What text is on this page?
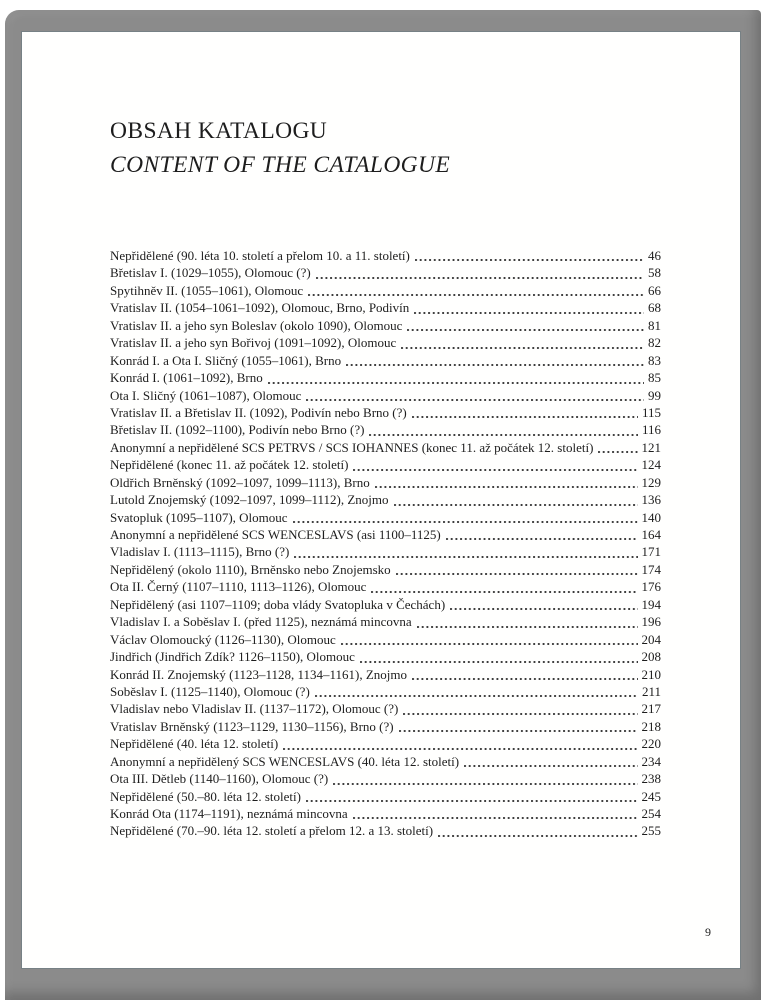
OBSAH KATALOGU
CONTENT OF THE CATALOGUE
Nepřidělené (90. léta 10. století a přelom 10. a 11. století)	46
Břetislav I. (1029–1055), Olomouc (?)	58
Spytihněv II. (1055–1061), Olomouc	66
Vratislav II. (1054–1061–1092), Olomouc, Brno, Podivín	68
Vratislav II. a jeho syn Boleslav (okolo 1090), Olomouc	81
Vratislav II. a jeho syn Bořivoj (1091–1092), Olomouc	82
Konrád I. a Ota I. Sličný (1055–1061), Brno	83
Konrád I. (1061–1092), Brno	85
Ota I. Sličný (1061–1087), Olomouc	99
Vratislav II. a Břetislav II. (1092), Podivín nebo Brno (?)	115
Břetislav II. (1092–1100), Podivín nebo Brno (?)	116
Anonymní a nepřidělené SCS PETRVS / SCS IOHANNES (konec 11. až počátek 12. století)	121
Nepřidělené (konec 11. až počátek 12. století)	124
Oldřich Brněnský (1092–1097, 1099–1113), Brno	129
Lutold Znojemský (1092–1097, 1099–1112), Znojmo	136
Svatopluk (1095–1107), Olomouc	140
Anonymní a nepřidělené SCS WENCESLAVS (asi 1100–1125)	164
Vladislav I. (1113–1115), Brno (?)	171
Nepřidělený (okolo 1110), Brněnsko nebo Znojemsko	174
Ota II. Černý (1107–1110, 1113–1126), Olomouc	176
Nepřidělený (asi 1107–1109; doba vlády Svatopluka v Čechách)	194
Vladislav I. a Soběslav I. (před 1125), neznámá mincovna	196
Václav Olomoucký (1126–1130), Olomouc	204
Jindřich (Jindřich Zdík? 1126–1150), Olomouc	208
Konrád II. Znojemský (1123–1128, 1134–1161), Znojmo	210
Soběslav I. (1125–1140), Olomouc (?)	211
Vladislav nebo Vladislav II. (1137–1172), Olomouc (?)	217
Vratislav Brněnský (1123–1129, 1130–1156), Brno (?)	218
Nepřidělené (40. léta 12. století)	220
Anonymní a nepřidělený SCS WENCESLAVS (40. léta 12. století)	234
Ota III. Dětleb (1140–1160), Olomouc (?)	238
Nepřidělené (50.–80. léta 12. století)	245
Konrád Ota (1174–1191), neznámá mincovna	254
Nepřidělené (70.–90. léta 12. století a přelom 12. a 13. století)	255
9
